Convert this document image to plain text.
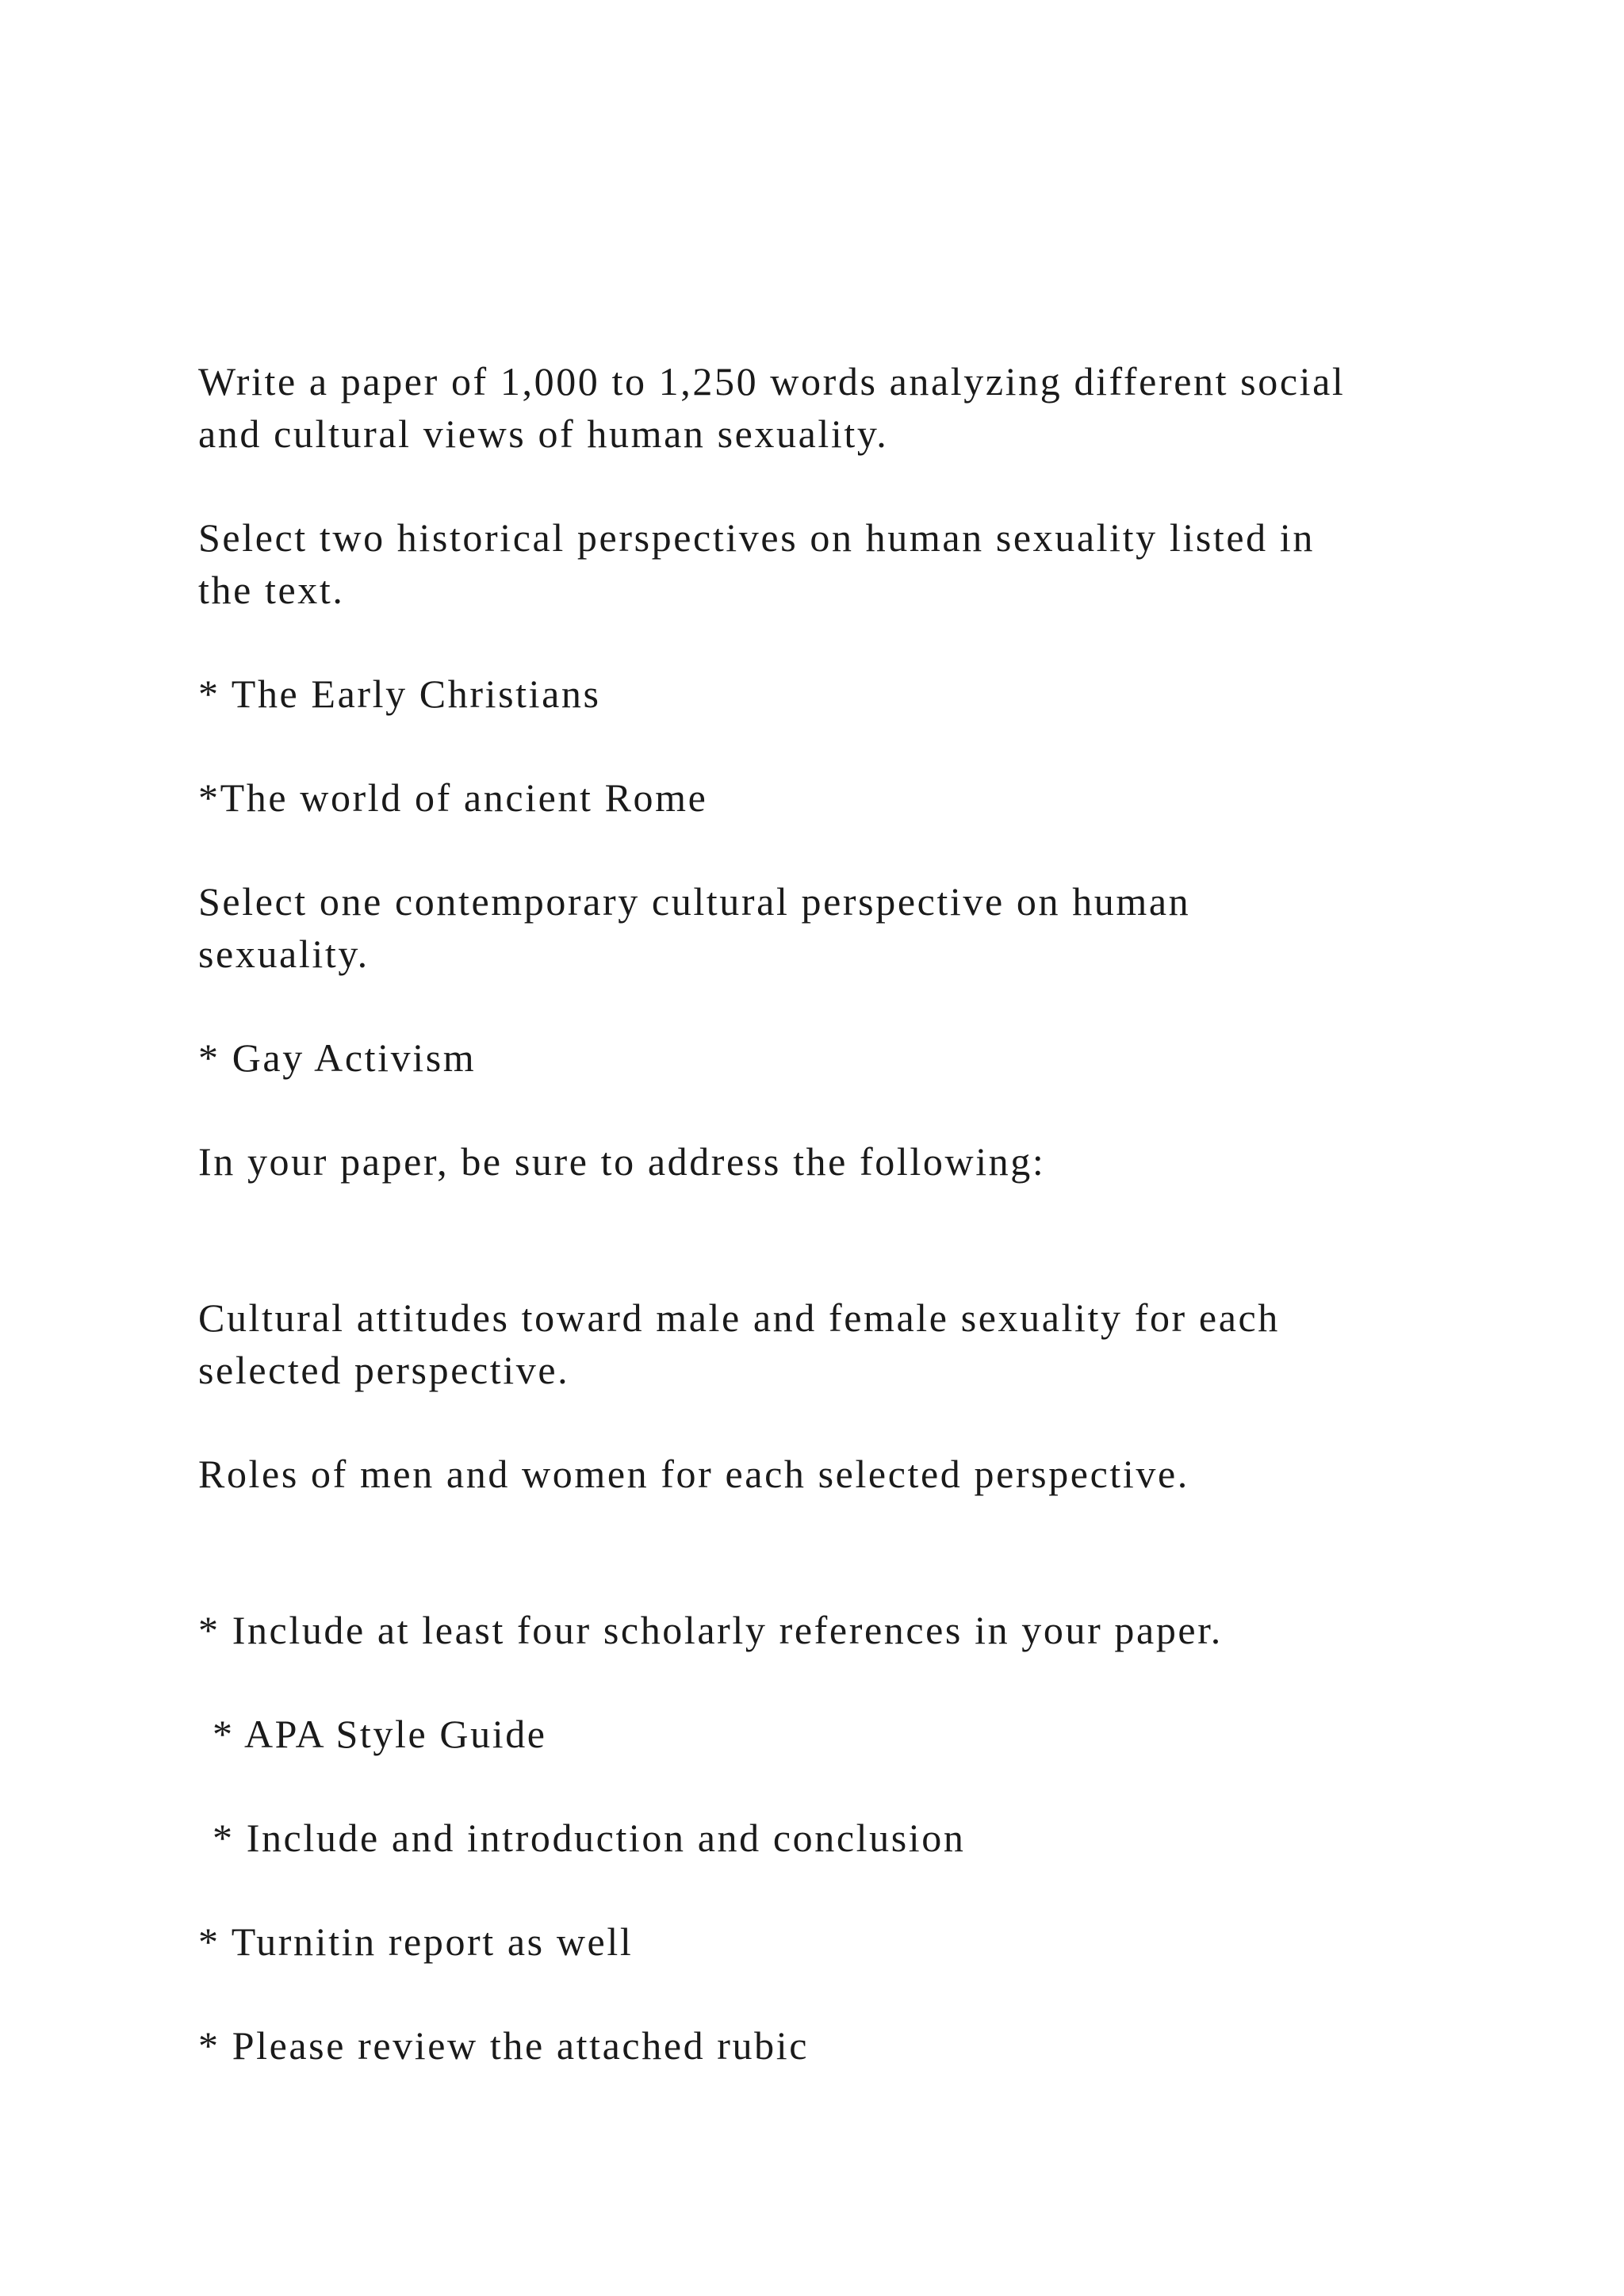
Write a paper of 1,000 to 1,250 words analyzing different social

and cultural views of human sexuality.

Select two historical perspectives on human sexuality listed in

the text.

* The Early Christians

*The world of ancient Rome

Select one contemporary cultural perspective on human

sexuality.

* Gay Activism

In your paper, be sure to address the following:

Cultural attitudes toward male and female sexuality for each

selected perspective.

Roles of men and women for each selected perspective.

* Include at least four scholarly references in your paper.

* APA Style Guide

* Include and introduction and conclusion

* Turnitin report as well

* Please review the attached rubic
